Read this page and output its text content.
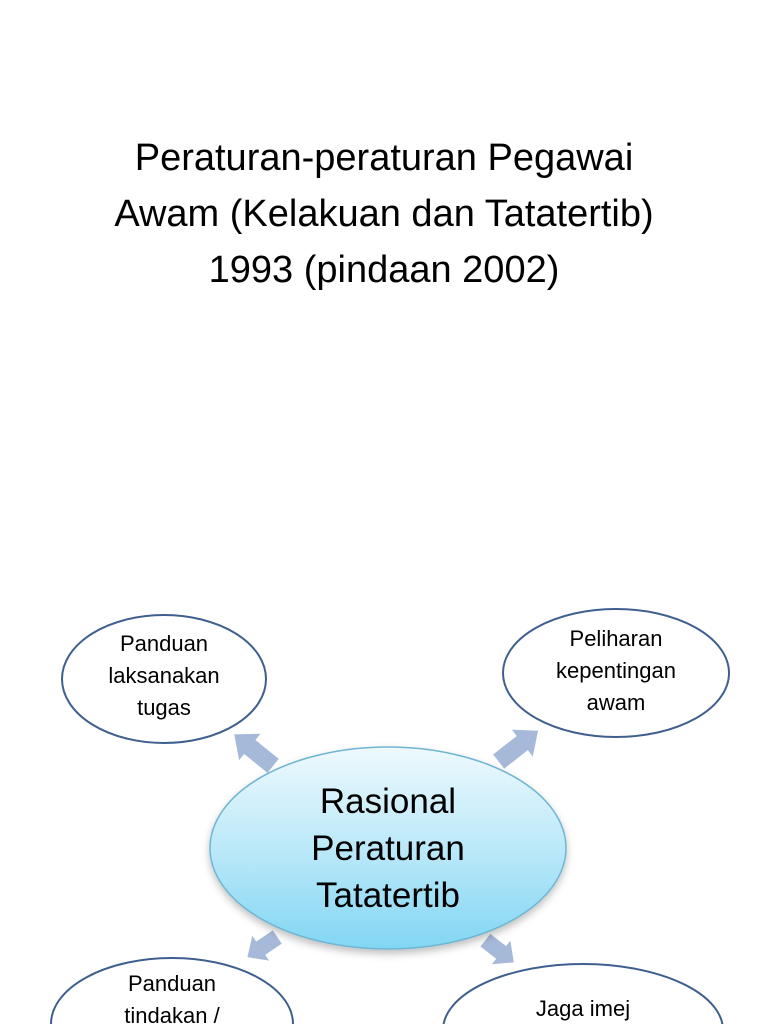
Peraturan-peraturan Pegawai
Awam (Kelakuan dan Tatatertib)
1993 (pindaan 2002)
Rasional
Peraturan
Tatatertib
Panduan
laksanakan
tugas
Peliharan
kepentingan
awam
Panduan
tindakan /	Jaga imej
